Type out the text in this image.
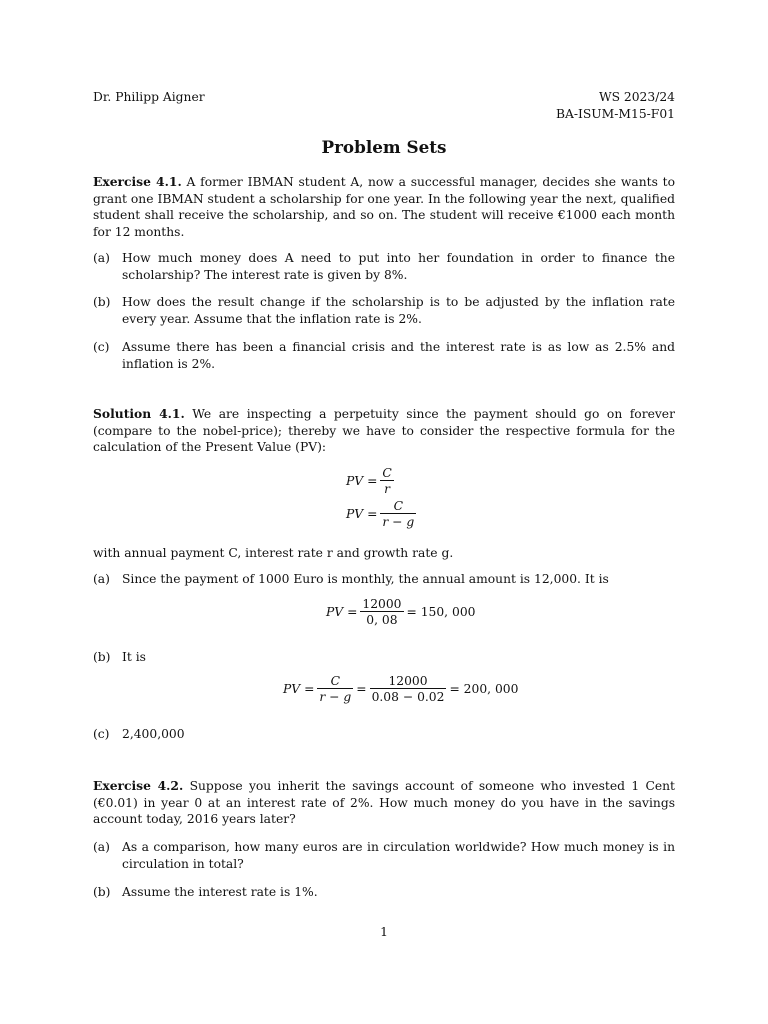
Dr. Philipp Aigner	WS 2023/24
BA-ISUM-M15-F01
Problem Sets
Exercise 4.1. A former IBMAN student A, now a successful manager, decides she wants to grant one IBMAN student a scholarship for one year. In the following year the next, qualified student shall receive the scholarship, and so on. The student will receive €1000 each month for 12 months.
(a) How much money does A need to put into her foundation in order to finance the scholarship? The interest rate is given by 8%.
(b) How does the result change if the scholarship is to be adjusted by the inflation rate every year. Assume that the inflation rate is 2%.
(c)	Assume there has been a financial crisis and the interest rate is as low as 2.5% and inflation is 2%.
Solution 4.1. We are inspecting a perpetuity since the payment should go on forever (compare to the nobel-price); thereby we have to consider the respective formula for the calculation of the Present Value (PV):
PV = $\frac{C}{r}$
PV = $\frac{C}{r - g}$
with annual payment C, interest rate r and growth rate g.
(a) Since the payment of 1000 Euro is monthly, the annual amount is 12,000. It is
PV = $\frac{12000}{0, 08} = 150$, 000
(b) It is
PV = $\frac{C}{r - g} = \frac{12000}{0.08 - 0.02} = 200$, 000
(c)	2,400,000
Exercise 4.2. Suppose you inherit the savings account of someone who invested 1 Cent (€0.01) in year 0 at an interest rate of 2%. How much money do you have in the savings account today, 2016 years later?
(a) As a comparison, how many euros are in circulation worldwide? How much money is in circulation in total?
(b) Assume the interest rate is 1%.
1
